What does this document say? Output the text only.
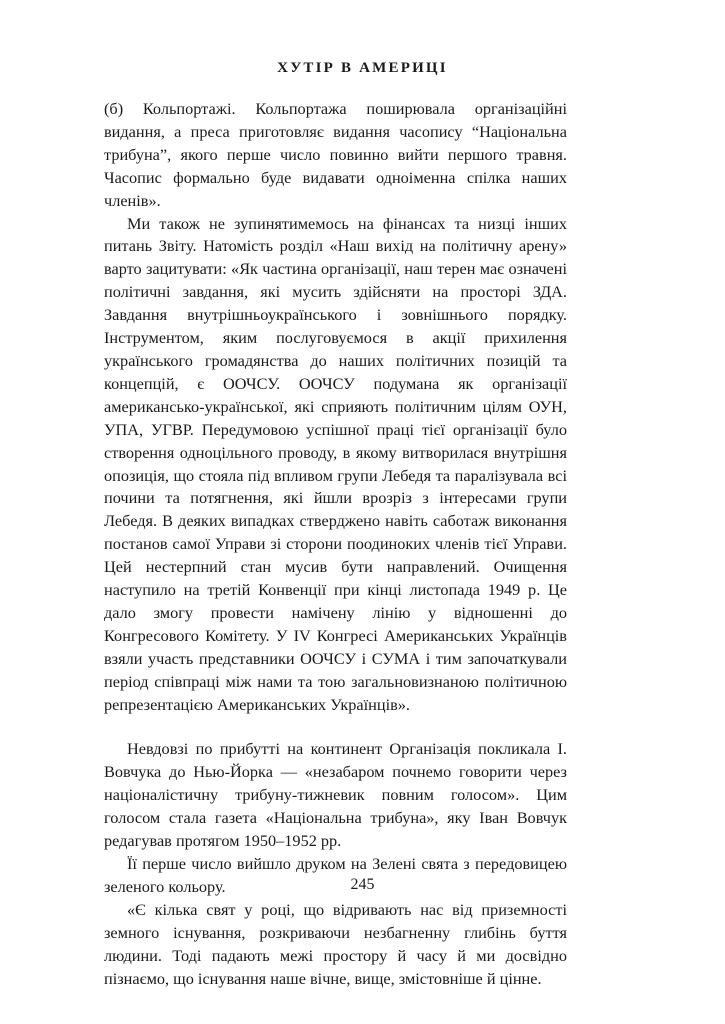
ХУТІР В АМЕРИЦІ

(б) Кольпортажі. Кольпортажа поширювала організаційні видання, а преса приготовляє видання часопису “Національна трибуна”, якого перше число повинно вийти першого травня. Часопис формально буде видавати одноіменна спілка наших членів».

Ми також не зупинятимемось на фінансах та низці інших питань Звіту. Натомість розділ «Наш вихід на політичну арену» варто зацитувати: «Як частина організації, наш терен має означені політичні завдання, які мусить здійсняти на просторі ЗДА. Завдання внутрішньоукраїнського і зовнішнього порядку. Інструментом, яким послуговуємося в акції прихилення українського громадянства до наших політичних позицій та концепцій, є ООЧСУ. ООЧСУ подумана як організації американсько-української, які сприяють політичним цілям ОУН, УПА, УГВР. Передумовою успішної праці тієї організації було створення одноцільного проводу, в якому витворилася внутрішня опозиція, що стояла під впливом групи Лебедя та паралізувала всі почини та потягнення, які йшли врозріз з інтересами групи Лебедя. В деяких випадках стверджено навіть саботаж виконання постанов самої Управи зі сторони поодиноких членів тієї Управи. Цей нестерпний стан мусив бути направлений. Очищення наступило на третій Конвенції при кінці листопада 1949 р. Це дало змогу провести намічену лінію у відношенні до Конгресового Комітету. У IV Конгресі Американських Українців взяли участь представники ООЧСУ і СУМА і тим започаткували період співпраці між нами та тою загальновизнаною політичною репрезентацією Американських Українців».

Невдовзі по прибутті на континент Організація покликала І. Вовчука до Нью-Йорка — «незабаром почнемо говорити через націоналістичну трибуну-тижневик повним голосом». Цим голосом стала газета «Національна трибуна», яку Іван Вовчук редагував протягом 1950–1952 рр.

Її перше число вийшло друком на Зелені свята з передовицею зеленого кольору.

«Є кілька свят у році, що відривають нас від приземності земного існування, розкриваючи незбагненну глибінь буття людини. Тоді падають межі простору й часу й ми досвідно пізнаємо, що існування наше вічне, вище, змістовніше й цінне.

245
